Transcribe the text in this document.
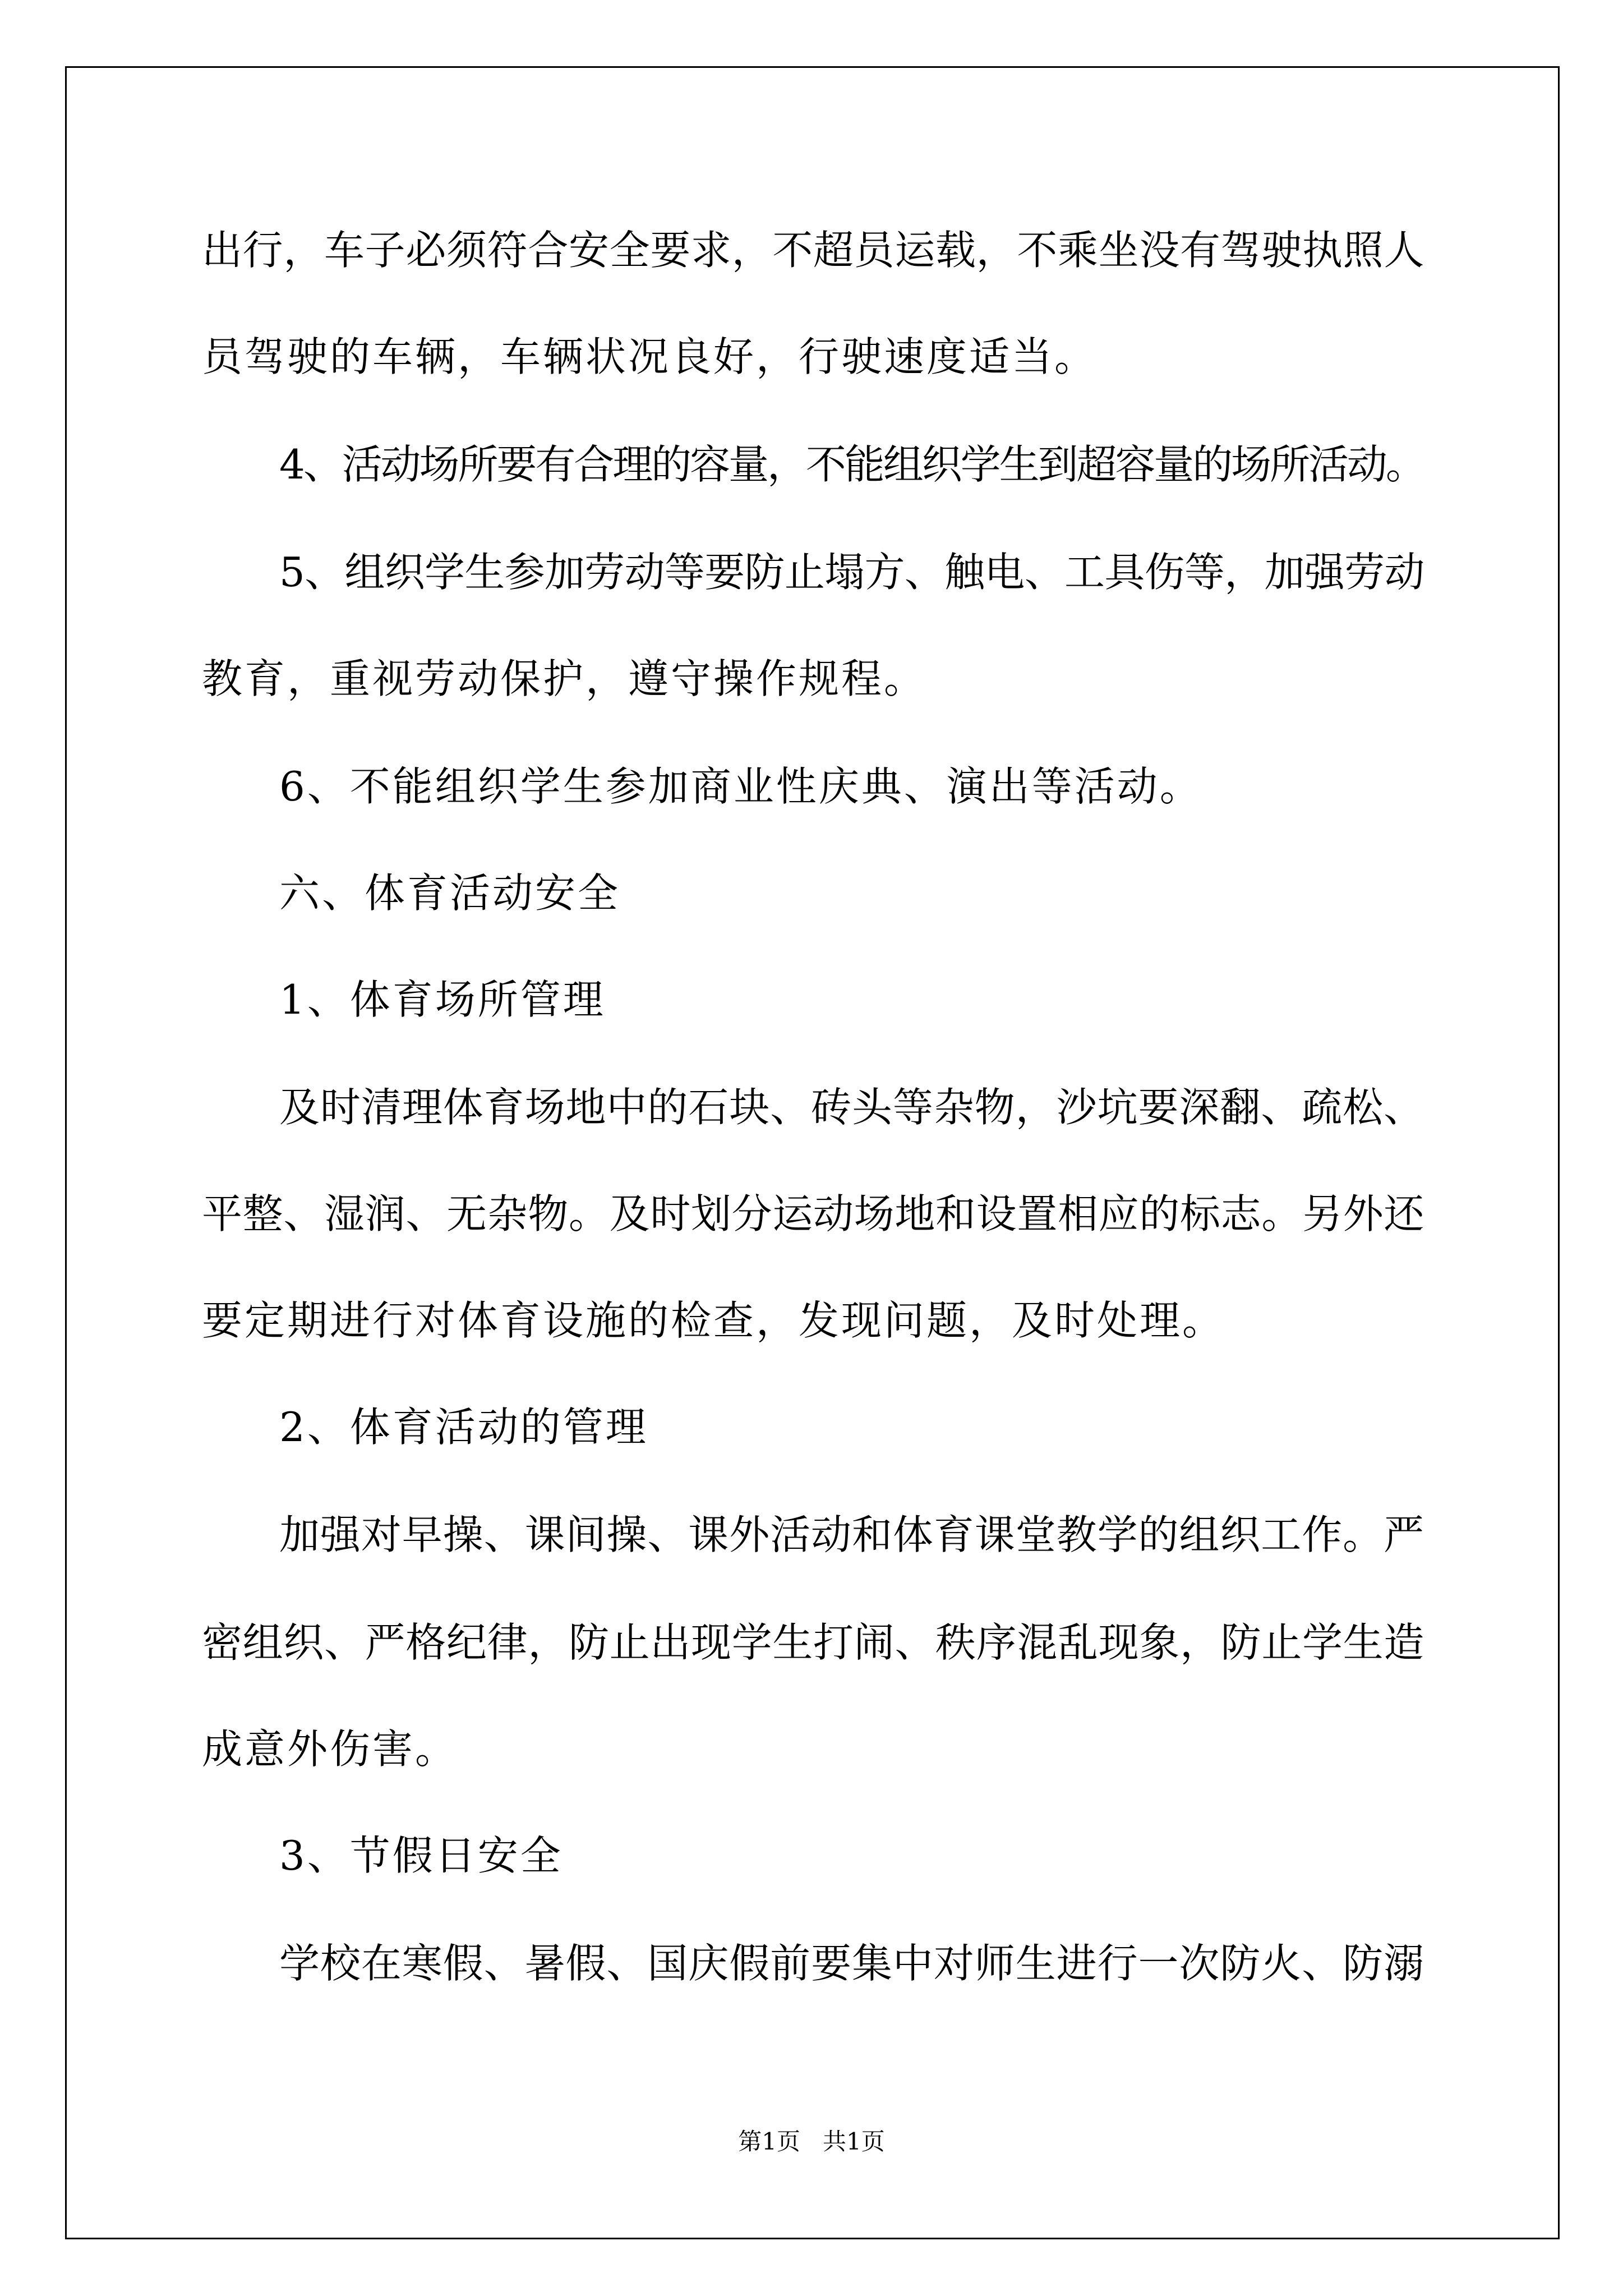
出行，车子必须符合安全要求，不超员运载，不乘坐没有驾驶执照人
员驾驶的车辆，车辆状况良好，行驶速度适当。
4、活动场所要有合理的容量，不能组织学生到超容量的场所活动。
5、组织学生参加劳动等要防止塌方、触电、工具伤等，加强劳动
教育，重视劳动保护，遵守操作规程。
6、不能组织学生参加商业性庆典、演出等活动。
六、体育活动安全
1、体育场所管理
及时清理体育场地中的石块、砖头等杂物，沙坑要深翻、疏松、
平整、湿润、无杂物。及时划分运动场地和设置相应的标志。另外还
要定期进行对体育设施的检查，发现问题，及时处理。
2、体育活动的管理
加强对早操、课间操、课外活动和体育课堂教学的组织工作。严
密组织、严格纪律，防止出现学生打闹、秩序混乱现象，防止学生造
成意外伤害。
3、节假日安全
学校在寒假、暑假、国庆假前要集中对师生进行一次防火、防溺
第1页   共1页
